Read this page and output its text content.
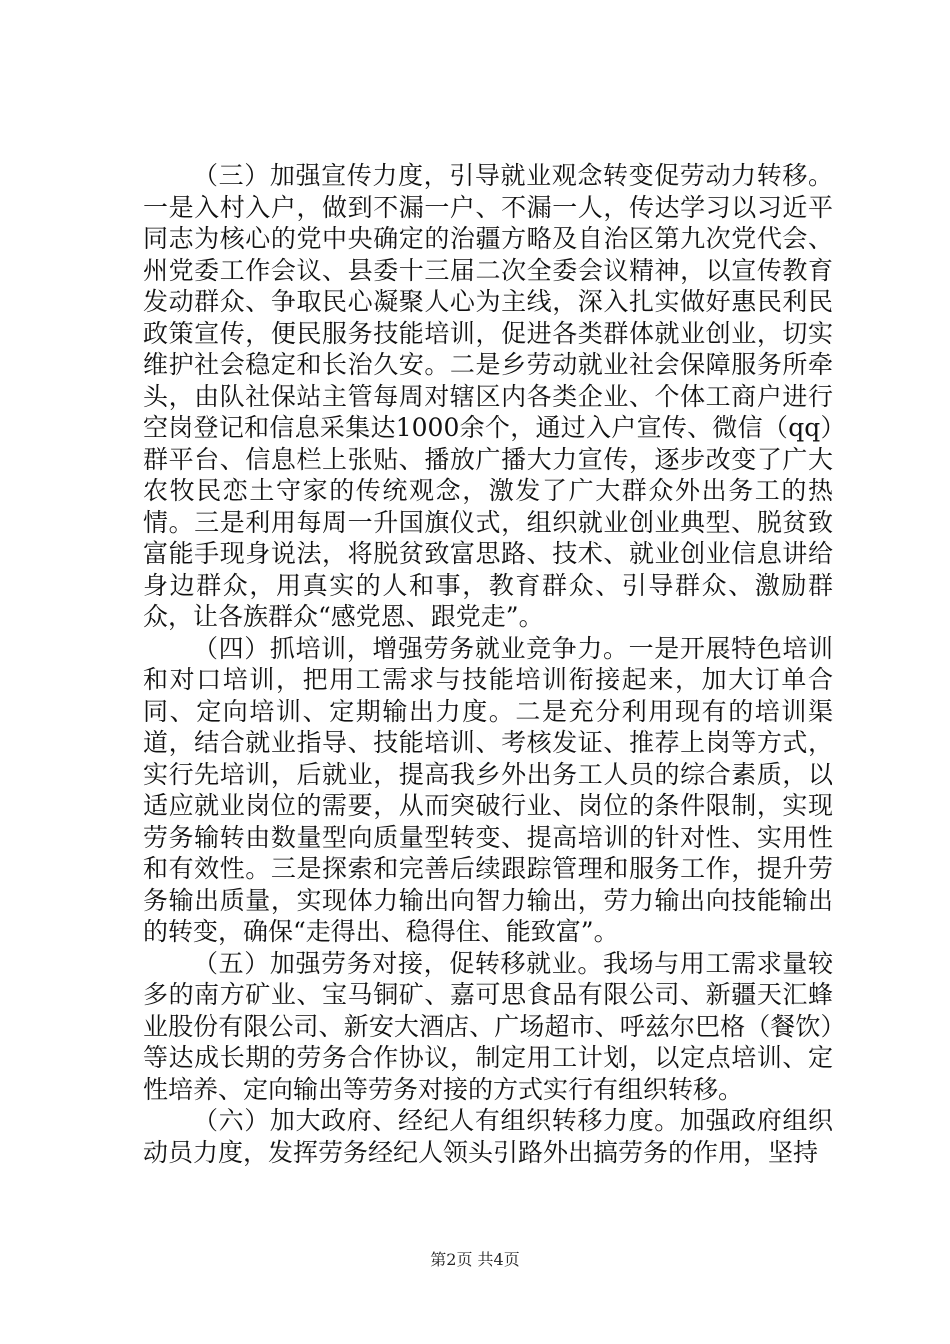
（三）加强宣传力度，引导就业观念转变促劳动力转移。一是入村入户，做到不漏一户、不漏一人，传达学习以习近平同志为核心的党中央确定的治疆方略及自治区第九次党代会、州党委工作会议、县委十三届二次全委会议精神，以宣传教育发动群众、争取民心凝聚人心为主线，深入扎实做好惠民利民政策宣传，便民服务技能培训，促进各类群体就业创业，切实维护社会稳定和长治久安。二是乡劳动就业社会保障服务所牵头，由队社保站主管每周对辖区内各类企业、个体工商户进行空岗登记和信息采集达1000余个，通过入户宣传、微信（qq）群平台、信息栏上张贴、播放广播大力宣传，逐步改变了广大农牧民恋土守家的传统观念，激发了广大群众外出务工的热情。三是利用每周一升国旗仪式，组织就业创业典型、脱贫致富能手现身说法，将脱贫致富思路、技术、就业创业信息讲给身边群众，用真实的人和事，教育群众、引导群众、激励群众，让各族群众“感党恩、跟党走”。

（四）抓培训，增强劳务就业竞争力。一是开展特色培训和对口培训，把用工需求与技能培训衔接起来，加大订单合同、定向培训、定期输出力度。二是充分利用现有的培训渠道，结合就业指导、技能培训、考核发证、推荐上岗等方式，实行先培训，后就业，提高我乡外出务工人员的综合素质，以适应就业岗位的需要，从而突破行业、岗位的条件限制，实现劳务输转由数量型向质量型转变、提高培训的针对性、实用性和有效性。三是探索和完善后续跟踪管理和服务工作，提升劳务输出质量，实现体力输出向智力输出，劳力输出向技能输出的转变，确保“走得出、稳得住、能致富”。

（五）加强劳务对接，促转移就业。我场与用工需求量较多的南方矿业、宝马铜矿、嘉可思食品有限公司、新疆天汇蜂业股份有限公司、新安大酒店、广场超市、呼兹尔巴格（餐饮）等达成长期的劳务合作协议，制定用工计划，以定点培训、定性培养、定向输出等劳务对接的方式实行有组织转移。

（六）加大政府、经纪人有组织转移力度。加强政府组织动员力度，发挥劳务经纪人领头引路外出搞劳务的作用，坚持

第2页 共4页
